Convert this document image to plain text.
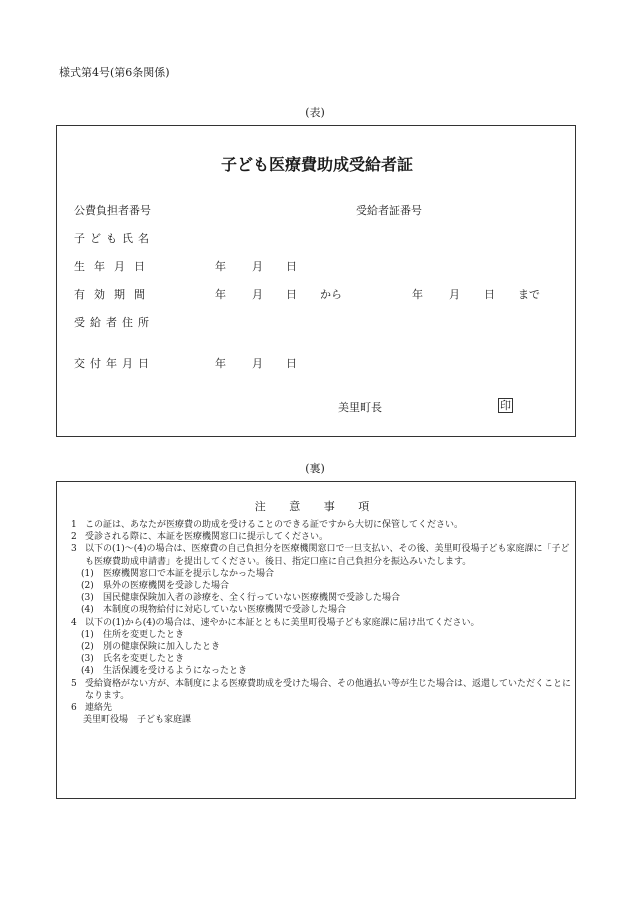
様式第4号(第6条関係)
(表)
子ども医療費助成受給者証
公費負担者番号	受給者証番号
子ども氏名
生年月日	年 月 日
有効期間	年 月 日 から	年 月 日 まで
受給者住所
交付年月日	年 月 日
美里町長	印
(裏)
注 意 事 項
1 この証は、あなたが医療費の助成を受けることのできる証ですから大切に保管してください。
2 受診される際に、本証を医療機関窓口に提示してください。
3 以下の(1)〜(4)の場合は、医療費の自己負担分を医療機関窓口で一旦支払い、その後、美里町役場子ども家庭課に「子ども医療費助成申請書」を提出してください。後日、指定口座に自己負担分を振込みいたします。
(1)	医療機関窓口で本証を提示しなかった場合
(2)	県外の医療機関を受診した場合
(3)	国民健康保険加入者の診療を、全く行っていない医療機関で受診した場合
(4)	本制度の現物給付に対応していない医療機関で受診した場合
4 以下の(1)から(4)の場合は、速やかに本証とともに美里町役場子ども家庭課に届け出てください。
(1)	住所を変更したとき
(2)	別の健康保険に加入したとき
(3)	氏名を変更したとき
(4)	生活保護を受けるようになったとき
5 受給資格がない方が、本制度による医療費助成を受けた場合、その他過払い等が生じた場合は、返還していただくことになります。
6 連絡先
美里町役場　子ども家庭課
